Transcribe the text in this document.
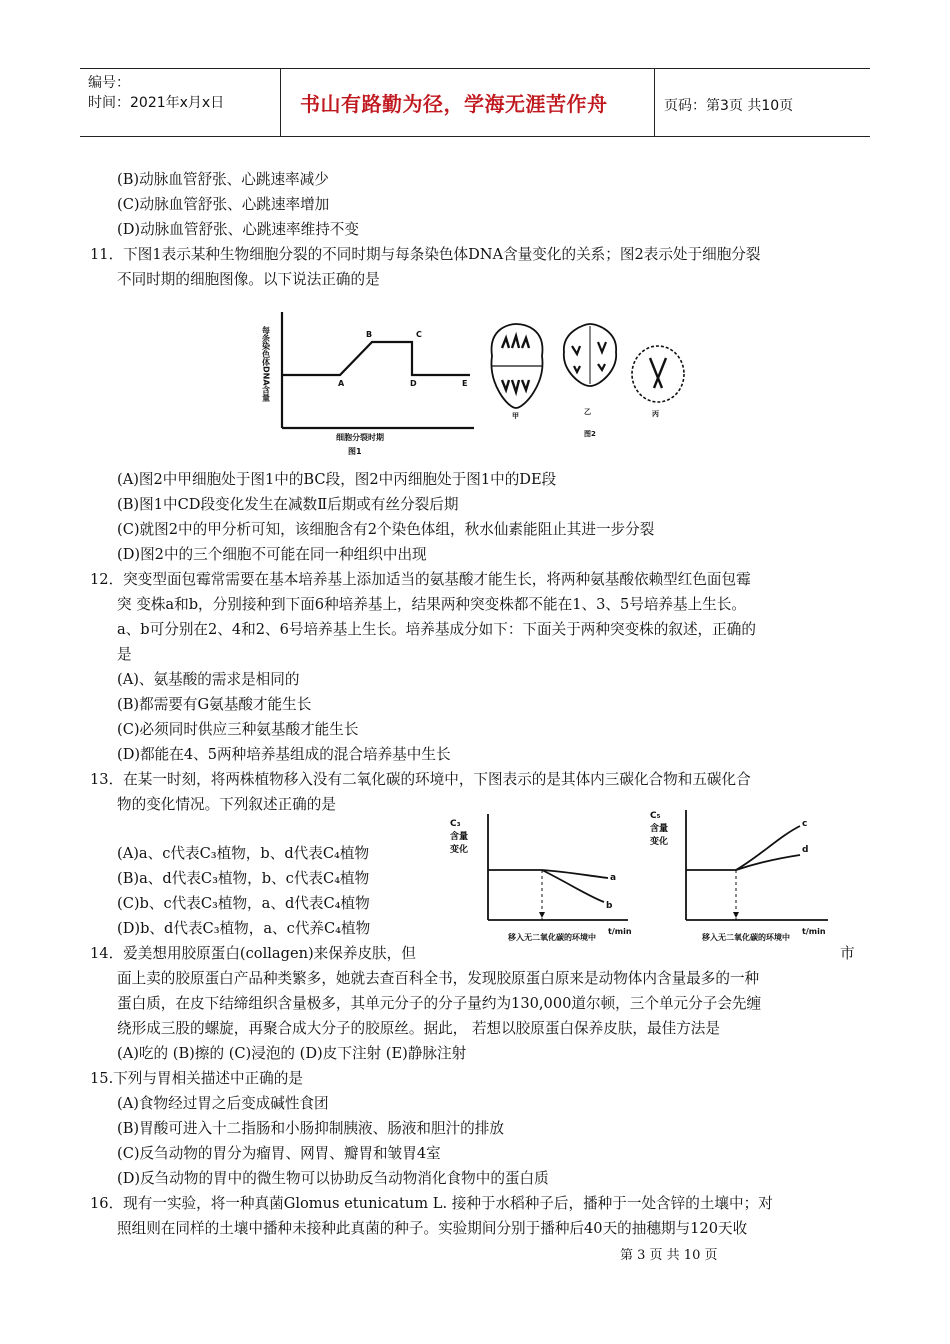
编号：
时间：2021年x月x日	书山有路勤为径，学海无涯苦作舟	页码：第3页 共10页
(B)动脉血管舒张、心跳速率减少
(C)动脉血管舒张、心跳速率增加
(D)动脉血管舒张、心跳速率维持不变
11．下图1表示某种生物细胞分裂的不同时期与每条染色体DNA含量变化的关系；图2表示处于细胞分裂
不同时期的细胞图像。以下说法正确的是
(A)图2中甲细胞处于图1中的BC段，图2中丙细胞处于图1中的DE段
(B)图1中CD段变化发生在减数Ⅱ后期或有丝分裂后期
(C)就图2中的甲分析可知，该细胞含有2个染色体组，秋水仙素能阻止其进一步分裂
(D)图2中的三个细胞不可能在同一种组织中出现
12．突变型面包霉常需要在基本培养基上添加适当的氨基酸才能生长，将两种氨基酸依赖型红色面包霉
突 变株a和b，分别接种到下面6种培养基上，结果两种突变株都不能在1、3、5号培养基上生长。
a、b可分别在2、4和2、6号培养基上生长。培养基成分如下：下面关于两种突变株的叙述，正确的
是
(A)、氨基酸的需求是相同的
(B)都需要有G氨基酸才能生长
(C)必须同时供应三种氨基酸才能生长
(D)都能在4、5两种培养基组成的混合培养基中生长
13．在某一时刻，将两株植物移入没有二氧化碳的环境中，下图表示的是其体内三碳化合物和五碳化合
物的变化情况。下列叙述正确的是
(A)a、c代表C₃植物，b、d代表C₄植物
(B)a、d代表C₃植物，b、c代表C₄植物
(C)b、c代表C₃植物，a、d代表C₄植物
(D)b、d代表C₃植物，a、c代养C₄植物
14．爱美想用胶原蛋白(collagen)来保养皮肤，但	市
面上卖的胶原蛋白产品种类繁多，她就去查百科全书，发现胶原蛋白原来是动物体内含量最多的一种
蛋白质，在皮下结缔组织含量极多，其单元分子的分子量约为130,000道尔顿，三个单元分子会先缠
绕形成三股的螺旋，再聚合成大分子的胶原丝。据此， 若想以胶原蛋白保养皮肤，最佳方法是
(A)吃的 (B)擦的 (C)浸泡的 (D)皮下注射 (E)静脉注射
15.下列与胃相关描述中正确的是
(A)食物经过胃之后变成碱性食团
(B)胃酸可进入十二指肠和小肠抑制胰液、肠液和胆汁的排放
(C)反刍动物的胃分为瘤胃、网胃、瓣胃和皱胃4室
(D)反刍动物的胃中的微生物可以协助反刍动物消化食物中的蛋白质
16．现有一实验，将一种真菌Glomus etunicatum L. 接种于水稻种子后，播种于一处含锌的土壤中；对
照组则在同样的土壤中播种未接种此真菌的种子。实验期间分别于播种后40天的抽穗期与120天收
每条染色体DNA含量	A
B	C
D	E
细胞分裂时期
图1
甲	乙	丙
图2
C₃ 含量变化
a
b
t/min
移入无二氧化碳的环境中
C₅ 含量变化
c
d
t/min
移入无二氧化碳的环境中
第 3 页 共 10 页
